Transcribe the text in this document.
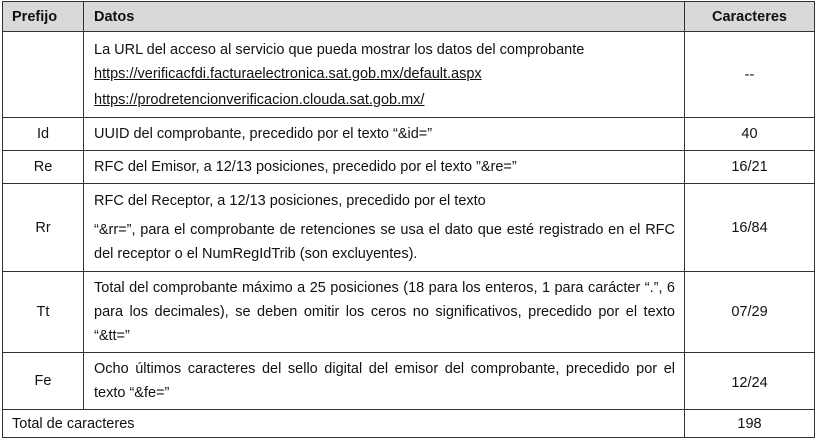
Prefijo	Datos	Caracteres
	La URL del acceso al servicio que pueda mostrar los datos del comprobante
https://verificacfdi.facturaelectronica.sat.gob.mx/default.aspx
https://prodretencionverificacion.clouda.sat.gob.mx/	--
Id	UUID del comprobante, precedido por el texto “&id=”	40
Re	RFC del Emisor, a 12/13 posiciones, precedido por el texto ”&re=”	16/21
Rr	RFC del Receptor, a 12/13 posiciones, precedido por el texto
“&rr=”, para el comprobante de retenciones se usa el dato que esté registrado en el RFC del receptor o el NumRegIdTrib (son excluyentes).	16/84
Tt	Total del comprobante máximo a 25 posiciones (18 para los enteros, 1 para carácter “.”, 6 para los decimales), se deben omitir los ceros no significativos, precedido por el texto “&tt=”	07/29
Fe	Ocho últimos caracteres del sello digital del emisor del comprobante, precedido por el texto “&fe=”	12/24
Total de caracteres		198
